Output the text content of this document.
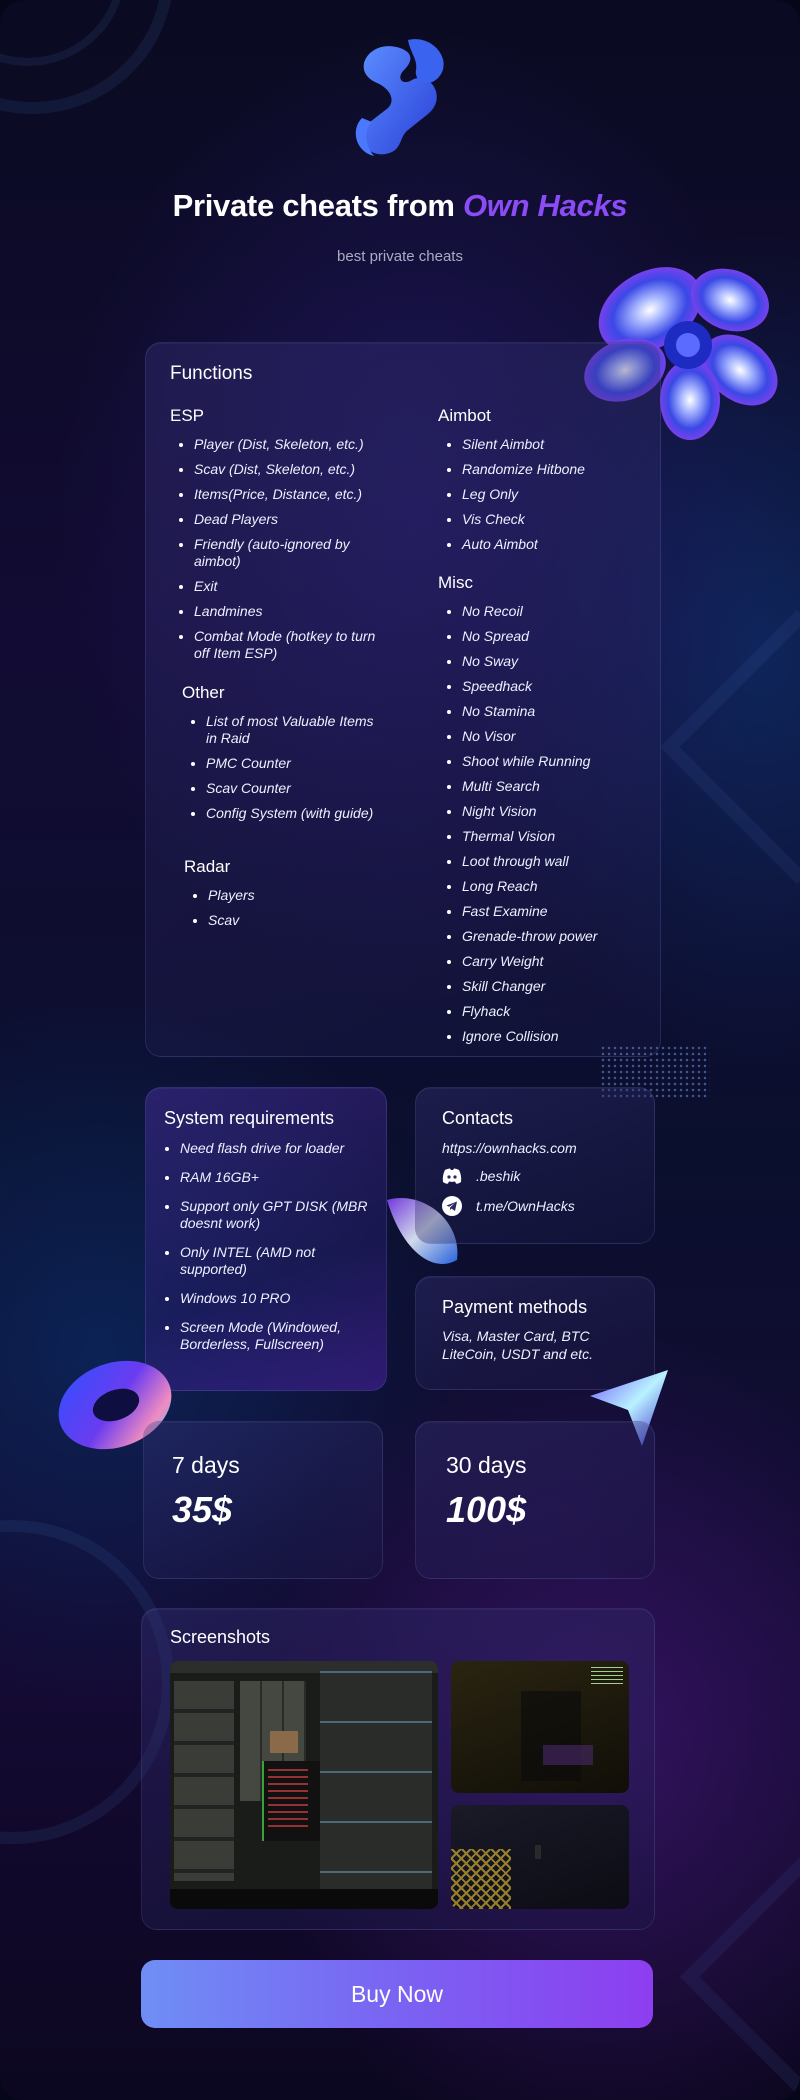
Private cheats from Own Hacks
best private cheats
Functions
ESP
Player (Dist, Skeleton, etc.)
Scav (Dist, Skeleton, etc.)
Items(Price, Distance, etc.)
Dead Players
Friendly (auto-ignored by aimbot)
Exit
Landmines
Combat Mode (hotkey to turn off Item ESP)
Other
List of most Valuable Items in Raid
PMC Counter
Scav Counter
Config System (with guide)
Radar
Players
Scav
Aimbot
Silent Aimbot
Randomize Hitbone
Leg Only
Vis Check
Auto Aimbot
Misc
No Recoil
No Spread
No Sway
Speedhack
No Stamina
No Visor
Shoot while Running
Multi Search
Night Vision
Thermal Vision
Loot through wall
Long Reach
Fast Examine
Grenade-throw power
Carry Weight
Skill Changer
Flyhack
Ignore Collision
System requirements
Need flash drive for loader
RAM 16GB+
Support only GPT DISK (MBR doesnt work)
Only INTEL (AMD not supported)
Windows 10 PRO
Screen Mode (Windowed, Borderless, Fullscreen)
Contacts
https://ownhacks.com
.beshik
t.me/OwnHacks
Payment methods
Visa, Master Card, BTC LiteCoin, USDT and etc.
7 days
35$
30 days
100$
Screenshots
Buy Now
